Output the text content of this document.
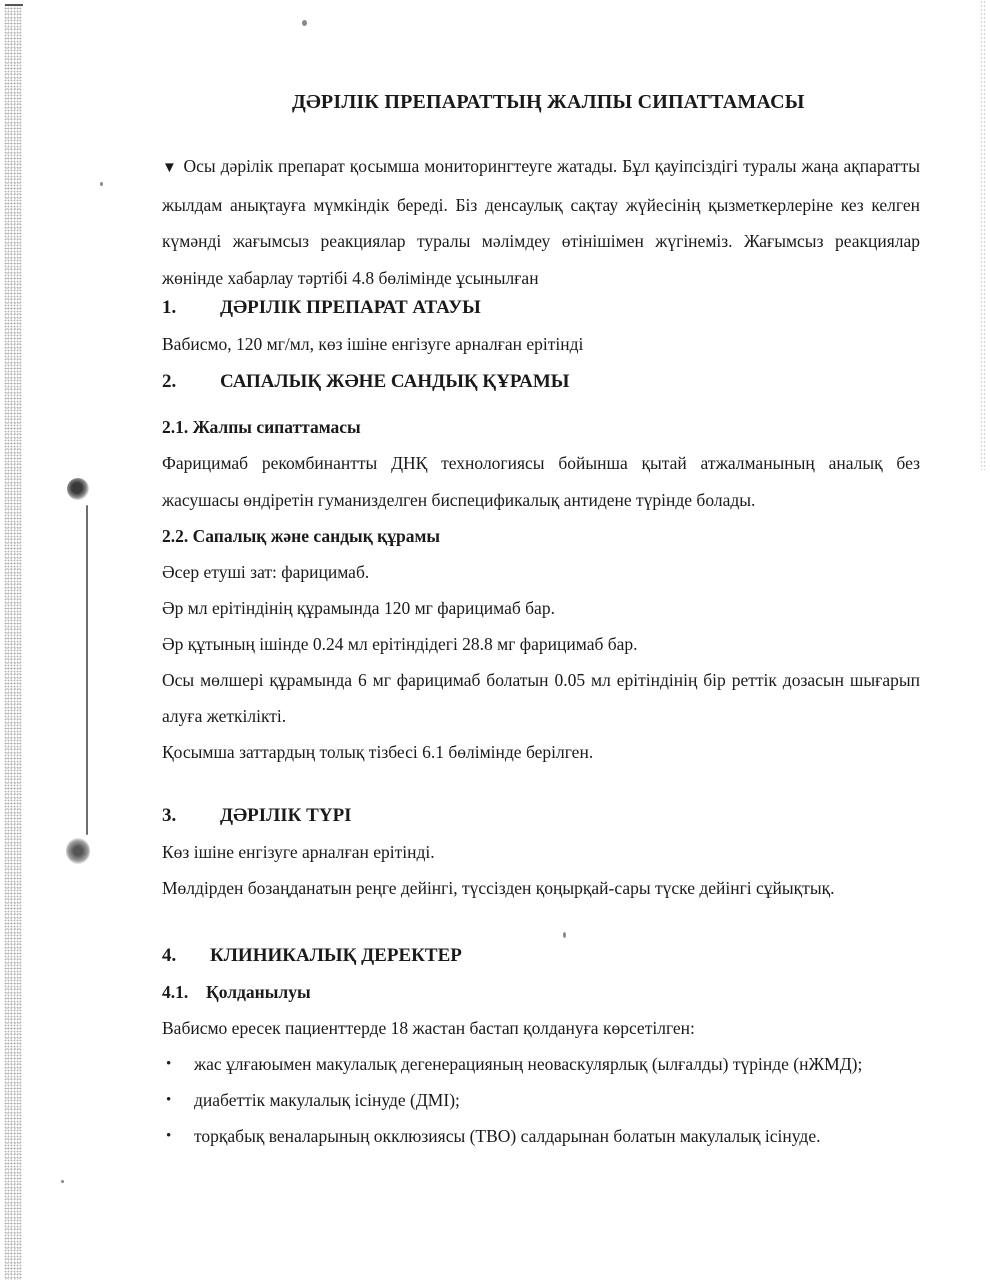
ДӘРІЛІК ПРЕПАРАТТЫҢ ЖАЛПЫ СИПАТТАМАСЫ
▼ Осы дәрілік препарат қосымша мониторингтеуге жатады. Бұл қауіпсіздігі туралы жаңа ақпаратты жылдам анықтауға мүмкіндік береді. Біз денсаулық сақтау жүйесінің қызметкерлеріне кез келген күмәнді жағымсыз реакциялар туралы мәлімдеу өтінішімен жүгінеміз. Жағымсыз реакциялар жөнінде хабарлау тәртібі 4.8 бөлімінде ұсынылған
1.	ДӘРІЛІК ПРЕПАРАТ АТАУЫ
Вабисмо, 120 мг/мл, көз ішіне енгізуге арналған ерітінді
2.	САПАЛЫҚ ЖӘНЕ САНДЫҚ ҚҰРАМЫ
2.1. Жалпы сипаттамасы
Фарицимаб рекомбинантты ДНҚ технологиясы бойынша қытай атжалманының аналық без жасушасы өндіретін гуманизделген биспецификалық антидене түрінде болады.
2.2. Сапалық және сандық құрамы
Әсер етуші зат: фарицимаб.
Әр мл ерітіндінің құрамында 120 мг фарицимаб бар.
Әр құтының ішінде 0.24 мл ерітіндідегі 28.8 мг фарицимаб бар.
Осы мөлшері құрамында 6 мг фарицимаб болатын 0.05 мл ерітіндінің бір реттік дозасын шығарып алуға жеткілікті.
Қосымша заттардың толық тізбесі 6.1 бөлімінде берілген.
3.	ДӘРІЛІК ТҮРІ
Көз ішіне енгізуге арналған ерітінді.
Мөлдірден бозаңданатын реңге дейінгі, түссізден қоңырқай-сары түске дейінгі сұйықтық.
4.	КЛИНИКАЛЫҚ ДЕРЕКТЕР
4.1. Қолданылуы
Вабисмо ересек пациенттерде 18 жастан бастап қолдануға көрсетілген:
• жас ұлғаюымен макулалық дегенерацияның неоваскулярлық (ылғалды) түрінде (нЖМД);
• диабеттік макулалық ісінуде (ДМІ);
• торқабық веналарының окклюзиясы (ТВО) салдарынан болатын макулалық ісінуде.
